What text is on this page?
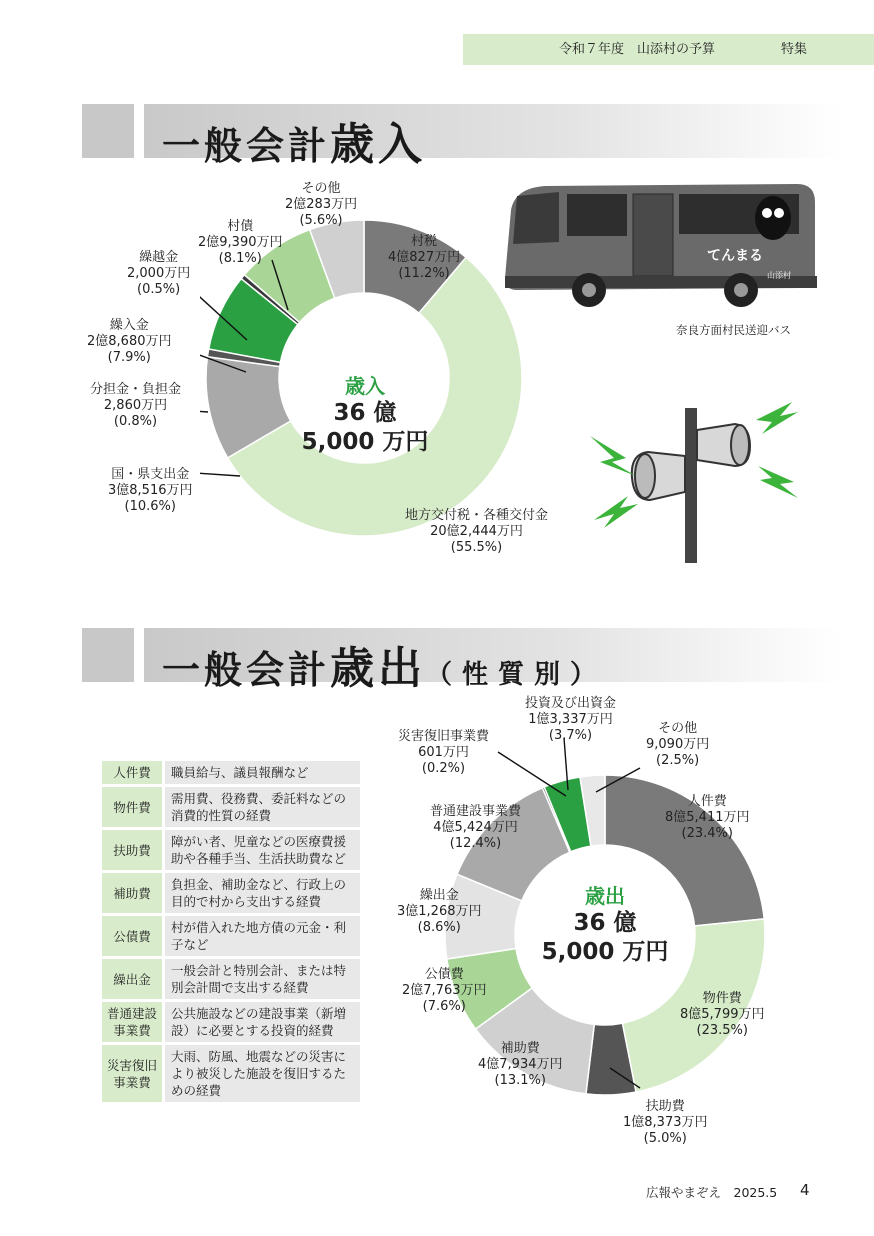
令和７年度　山添村の予算	特集
一般会計歳入
歳入
36 億
5,000 万円
村税
4億827万円
(11.2%)
地方交付税・各種交付金
20億2,444万円
(55.5%)
国・県支出金
3億8,516万円
(10.6%)
分担金・負担金
2,860万円
(0.8%)
繰入金
2億8,680万円
(7.9%)
繰越金
2,000万円
(0.5%)
村債
2億9,390万円
(8.1%)
その他
2億283万円
(5.6%)
てんまる
山添村
奈良方面村民送迎バス
一般会計歳出（性質別）
人件費	職員給与、議員報酬など
物件費	需用費、役務費、委託料などの消費的性質の経費
扶助費	障がい者、児童などの医療費援助や各種手当、生活扶助費など
補助費	負担金、補助金など、行政上の目的で村から支出する経費
公債費	村が借入れた地方債の元金・利子など
繰出金	一般会計と特別会計、または特別会計間で支出する経費
普通建設事業費	公共施設などの建設事業（新増設）に必要とする投資的経費
災害復旧事業費	大雨、防風、地震などの災害により被災した施設を復旧するための経費
歳出
36 億
5,000 万円
人件費
8億5,411万円
(23.4%)
物件費
8億5,799万円
(23.5%)
扶助費
1億8,373万円
(5.0%)
補助費
4億7,934万円
(13.1%)
公債費
2億7,763万円
(7.6%)
繰出金
3億1,268万円
(8.6%)
普通建設事業費
4億5,424万円
(12.4%)
災害復旧事業費
601万円
(0.2%)
投資及び出資金
1億3,337万円
(3.7%)	その他
9,090万円
(2.5%)
広報やまぞえ　2025.5 4
